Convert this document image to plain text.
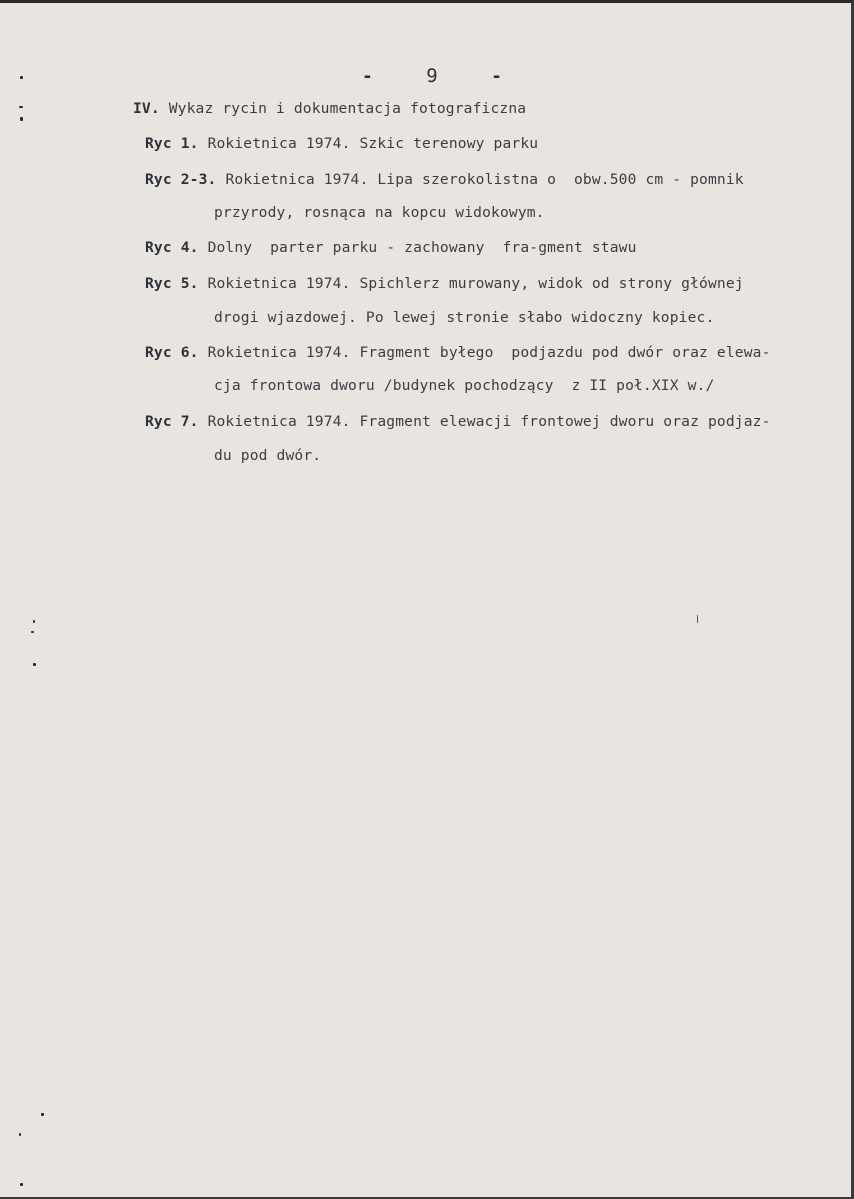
-	9	-
IV. Wykaz rycin i dokumentacja fotograficzna
Ryc 1. Rokietnica 1974. Szkic terenowy parku
Ryc 2-3. Rokietnica 1974. Lipa szerokolistna o  obw.500 cm - pomnik
przyrody, rosnąca na kopcu widokowym.
Ryc 4. Dolny  parter parku - zachowany  fra-gment stawu
Ryc 5. Rokietnica 1974. Spichlerz murowany, widok od strony głównej
drogi wjazdowej. Po lewej stronie słabo widoczny kopiec.
Ryc 6. Rokietnica 1974. Fragment byłego  podjazdu pod dwór oraz elewa-
cja frontowa dworu /budynek pochodzący  z II poł.XIX w./
Ryc 7. Rokietnica 1974. Fragment elewacji frontowej dworu oraz podjaz-
du pod dwór.
